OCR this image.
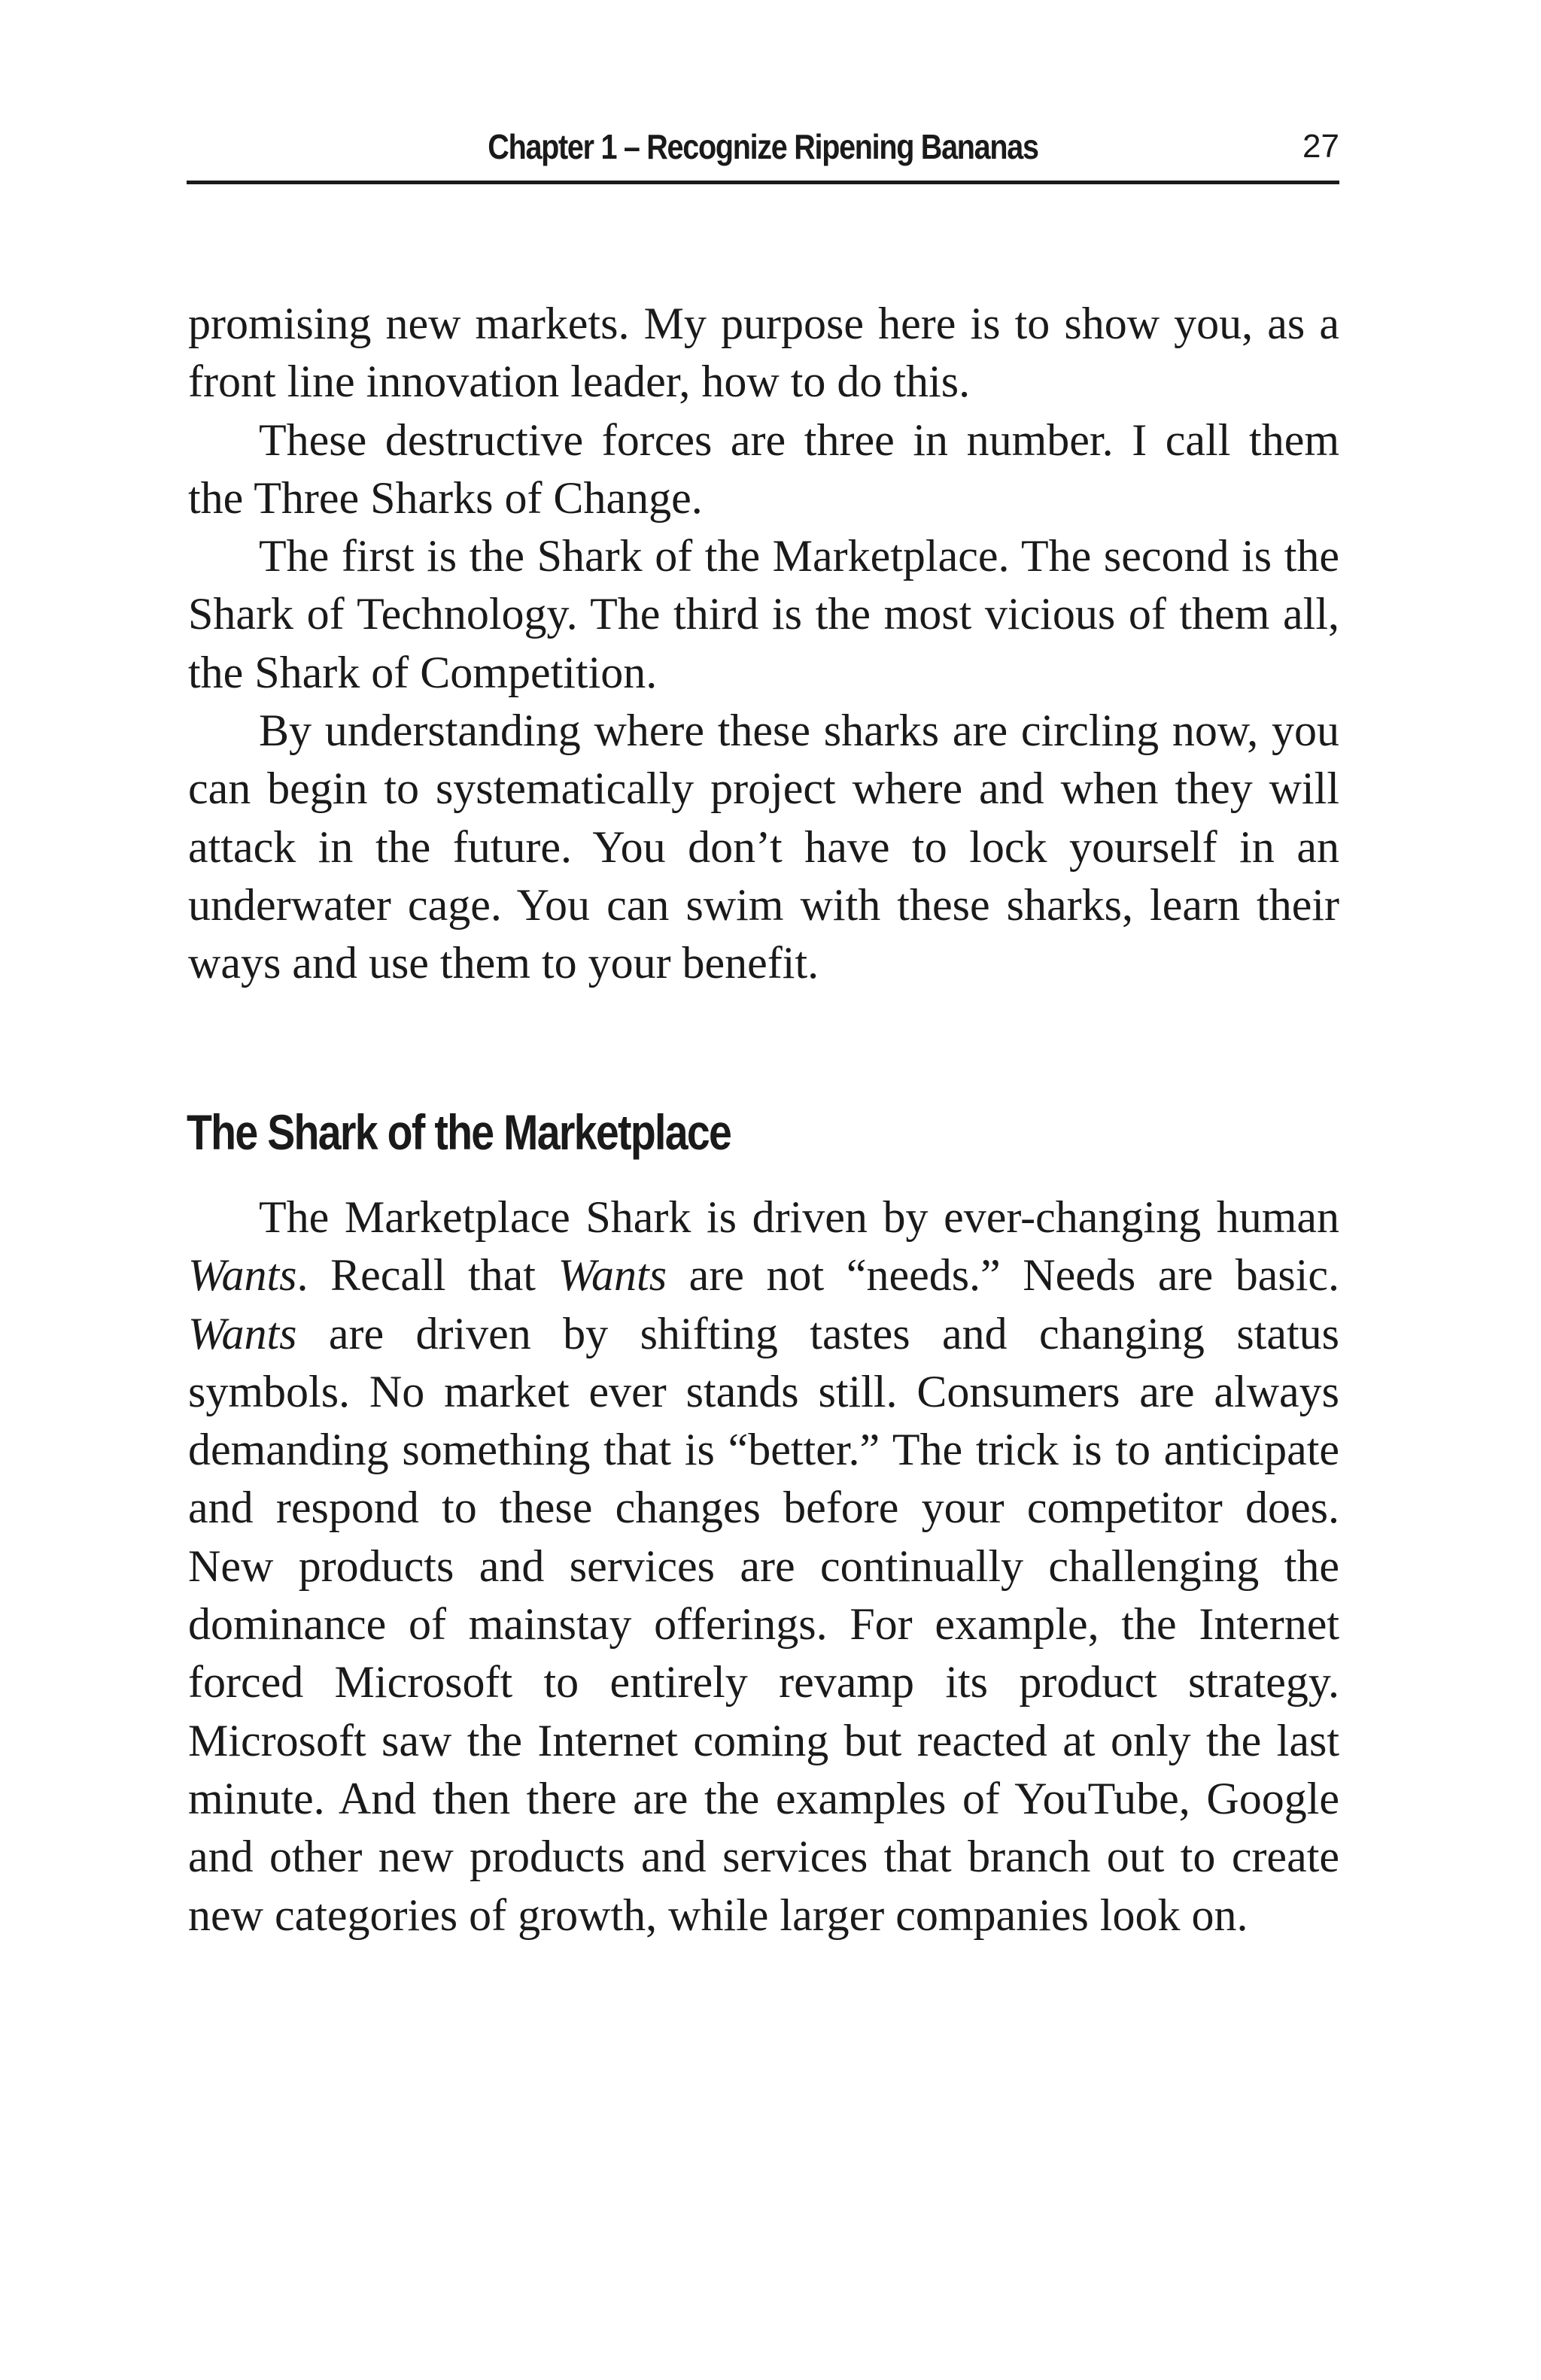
Chapter 1 – Recognize Ripening Bananas	27

promising new markets. My purpose here is to show you, as a front line innovation leader, how to do this.

These destructive forces are three in number. I call them the Three Sharks of Change.

The first is the Shark of the Marketplace. The second is the Shark of Technology. The third is the most vicious of them all, the Shark of Competition.

By understanding where these sharks are circling now, you can begin to systematically project where and when they will attack in the future. You don’t have to lock yourself in an underwater cage. You can swim with these sharks, learn their ways and use them to your benefit.

The Shark of the Marketplace

The Marketplace Shark is driven by ever-changing human Wants. Recall that Wants are not “needs.” Needs are basic. Wants are driven by shifting tastes and changing status symbols. No market ever stands still. Consumers are always demanding something that is “better.” The trick is to anticipate and respond to these changes before your competitor does. New products and services are continually challenging the dominance of mainstay offerings. For example, the Internet forced Microsoft to entirely revamp its product strategy. Microsoft saw the Internet coming but reacted at only the last minute. And then there are the examples of YouTube, Google and other new products and services that branch out to create new categories of growth, while larger companies look on.
